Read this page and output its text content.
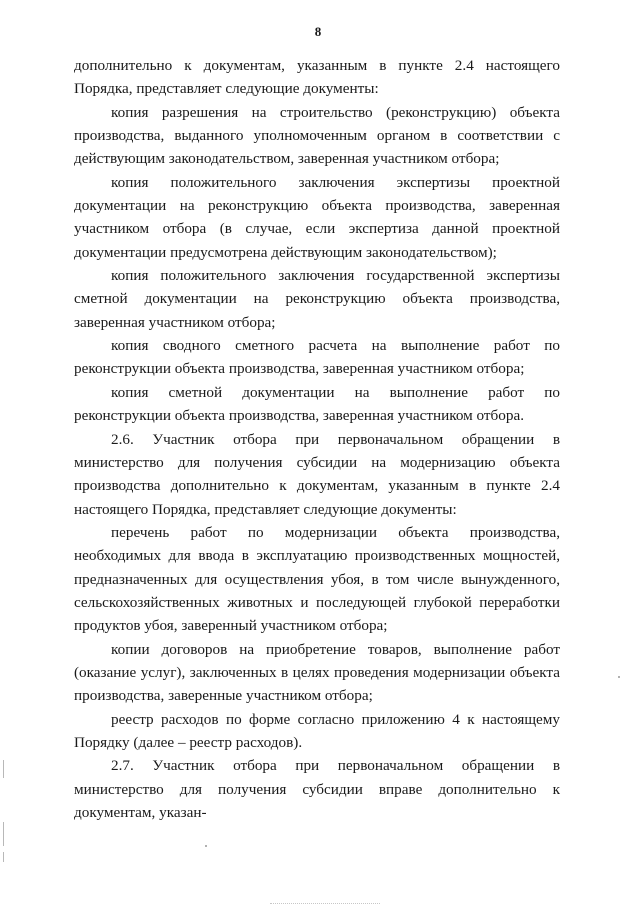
8

дополнительно к документам, указанным в пункте 2.4 настоящего Порядка, представляет следующие документы:

копия разрешения на строительство (реконструкцию) объекта производства, выданного уполномоченным органом в соответствии с действующим законодательством, заверенная участником отбора;

копия положительного заключения экспертизы проектной документации на реконструкцию объекта производства, заверенная участником отбора (в случае, если экспертиза данной проектной документации предусмотрена действующим законодательством);

копия положительного заключения государственной экспертизы сметной документации на реконструкцию объекта производства, заверенная участником отбора;

копия сводного сметного расчета на выполнение работ по реконструкции объекта производства, заверенная участником отбора;

копия сметной документации на выполнение работ по реконструкции объекта производства, заверенная участником отбора.

2.6. Участник отбора при первоначальном обращении в министерство для получения субсидии на модернизацию объекта производства дополнительно к документам, указанным в пункте 2.4 настоящего Порядка, представляет следующие документы:

перечень работ по модернизации объекта производства, необходимых для ввода в эксплуатацию производственных мощностей, предназначенных для осуществления убоя, в том числе вынужденного, сельскохозяйственных животных и последующей глубокой переработки продуктов убоя, заверенный участником отбора;

копии договоров на приобретение товаров, выполнение работ (оказание услуг), заключенных в целях проведения модернизации объекта производства, заверенные участником отбора;

реестр расходов по форме согласно приложению 4 к настоящему Порядку (далее – реестр расходов).

2.7. Участник отбора при первоначальном обращении в министерство для получения субсидии вправе дополнительно к документам, указан-
